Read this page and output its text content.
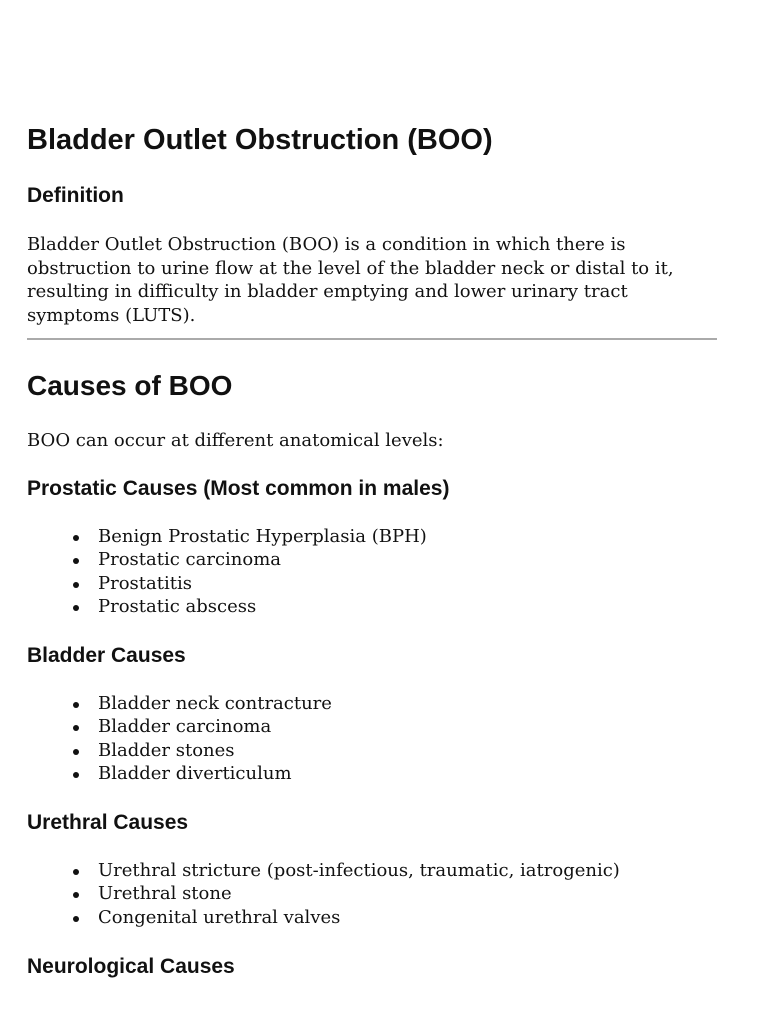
Bladder Outlet Obstruction (BOO)
Definition

Bladder Outlet Obstruction (BOO) is a condition in which there is obstruction to urine flow at the level of the bladder neck or distal to it, resulting in difficulty in bladder emptying and lower urinary tract symptoms (LUTS).

Causes of BOO

BOO can occur at different anatomical levels:

Prostatic Causes (Most common in males)
Benign Prostatic Hyperplasia (BPH)
Prostatic carcinoma
Prostatitis
Prostatic abscess
Bladder Causes
Bladder neck contracture
Bladder carcinoma
Bladder stones
Bladder diverticulum
Urethral Causes
Urethral stricture (post-infectious, traumatic, iatrogenic)
Urethral stone
Congenital urethral valves
Neurological Causes
